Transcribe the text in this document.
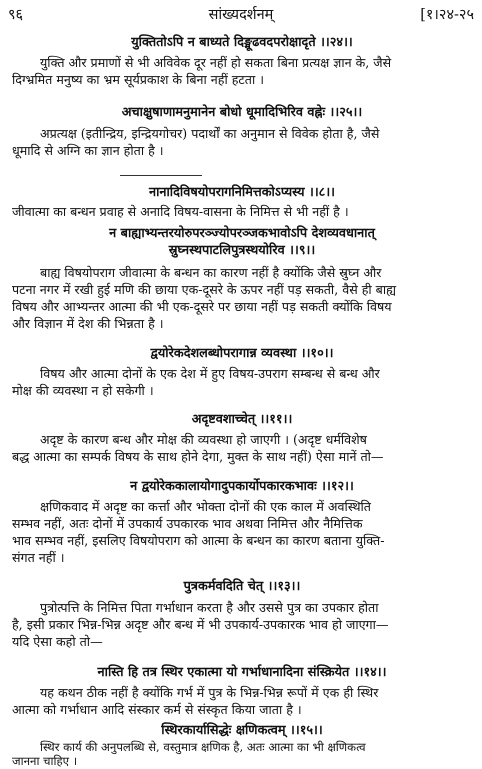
९६	सांख्यदर्शनम्	[१।२४-२५
युक्तितोऽपि न बाध्यते दिङ्मूढवदपरोक्षादृते ।।२४।।
युक्ति और प्रमाणों से भी अविवेक दूर नहीं हो सकता बिना प्रत्यक्ष ज्ञान के, जैसे
दिग्भ्रमित मनुष्य का भ्रम सूर्यप्रकाश के बिना नहीं हटता ।
अचाक्षुषाणामनुमानेन बोधो धूमादिभिरिव वह्नेः ।।२५।।
अप्रत्यक्ष (इतीन्द्रिय, इन्द्रियगोचर) पदार्थों का अनुमान से विवेक होता है, जैसे
धूमादि से अग्नि का ज्ञान होता है ।
नानादिविषयोपरागनिमित्तकोऽप्यस्य ।।८।।
जीवात्मा का बन्धन प्रवाह से अनादि विषय-वासना के निमित्त से भी नहीं है ।
न बाह्याभ्यन्तरयोरुपरञ्ज्योपरञ्जकभावोऽपि देशव्यवधानात्
स्रुघ्नस्थपाटलिपुत्रस्थयोरिव ।।९।।
बाह्य विषयोपराग जीवात्मा के बन्धन का कारण नहीं है क्योंकि जैसे स्रुघ्न और
पटना नगर में रखी हुई मणि की छाया एक-दूसरे के ऊपर नहीं पड़ सकती, वैसे ही बाह्य
विषय और आभ्यन्तर आत्मा की भी एक-दूसरे पर छाया नहीं पड़ सकती क्योंकि विषय
और विज्ञान में देश की भिन्नता है ।
द्वयोरेकदेशलब्धोपरागान्न व्यवस्था ।।१०।।
विषय और आत्मा दोनों के एक देश में हुए विषय-उपराग सम्बन्ध से बन्ध और
मोक्ष की व्यवस्था न हो सकेगी ।
अदृष्टवशाच्चेत् ।।११।।
अदृष्ट के कारण बन्ध और मोक्ष की व्यवस्था हो जाएगी । (अदृष्ट धर्मविशेष
बद्ध आत्मा का सम्पर्क विषय के साथ होने देगा, मुक्त के साथ नहीं) ऐसा मानें तो—
न द्वयोरेककालायोगादुपकार्योपकारकभावः ।।१२।।
क्षणिकवाद में अदृष्ट का कर्त्ता और भोक्ता दोनों की एक काल में अवस्थिति
सम्भव नहीं, अतः दोनों में उपकार्य उपकारक भाव अथवा निमित्त और नैमित्तिक
भाव सम्भव नहीं, इसलिए विषयोपराग को आत्मा के बन्धन का कारण बताना युक्ति-
संगत नहीं ।
पुत्रकर्मवदिति चेत् ।।१३।।
पुत्रोत्पत्ति के निमित्त पिता गर्भाधान करता है और उससे पुत्र का उपकार होता
है, इसी प्रकार भिन्न-भिन्न अदृष्ट और बन्ध में भी उपकार्य-उपकारक भाव हो जाएगा—
यदि ऐसा कहो तो—
नास्ति हि तत्र स्थिर एकात्मा यो गर्भाधानादिना संस्क्रियेत ।।१४।।
यह कथन ठीक नहीं है क्योंकि गर्भ में पुत्र के भिन्न-भिन्न रूपों में एक ही स्थिर
आत्मा को गर्भाधान आदि संस्कार कर्म से संस्कृत किया जाता है ।
स्थिरकार्यासिद्धेः क्षणिकत्वम् ।।१५।।
स्थिर कार्य की अनुपलब्धि से, वस्तुमात्र क्षणिक है, अतः आत्मा का भी क्षणिकत्व
जानना चाहिए ।
